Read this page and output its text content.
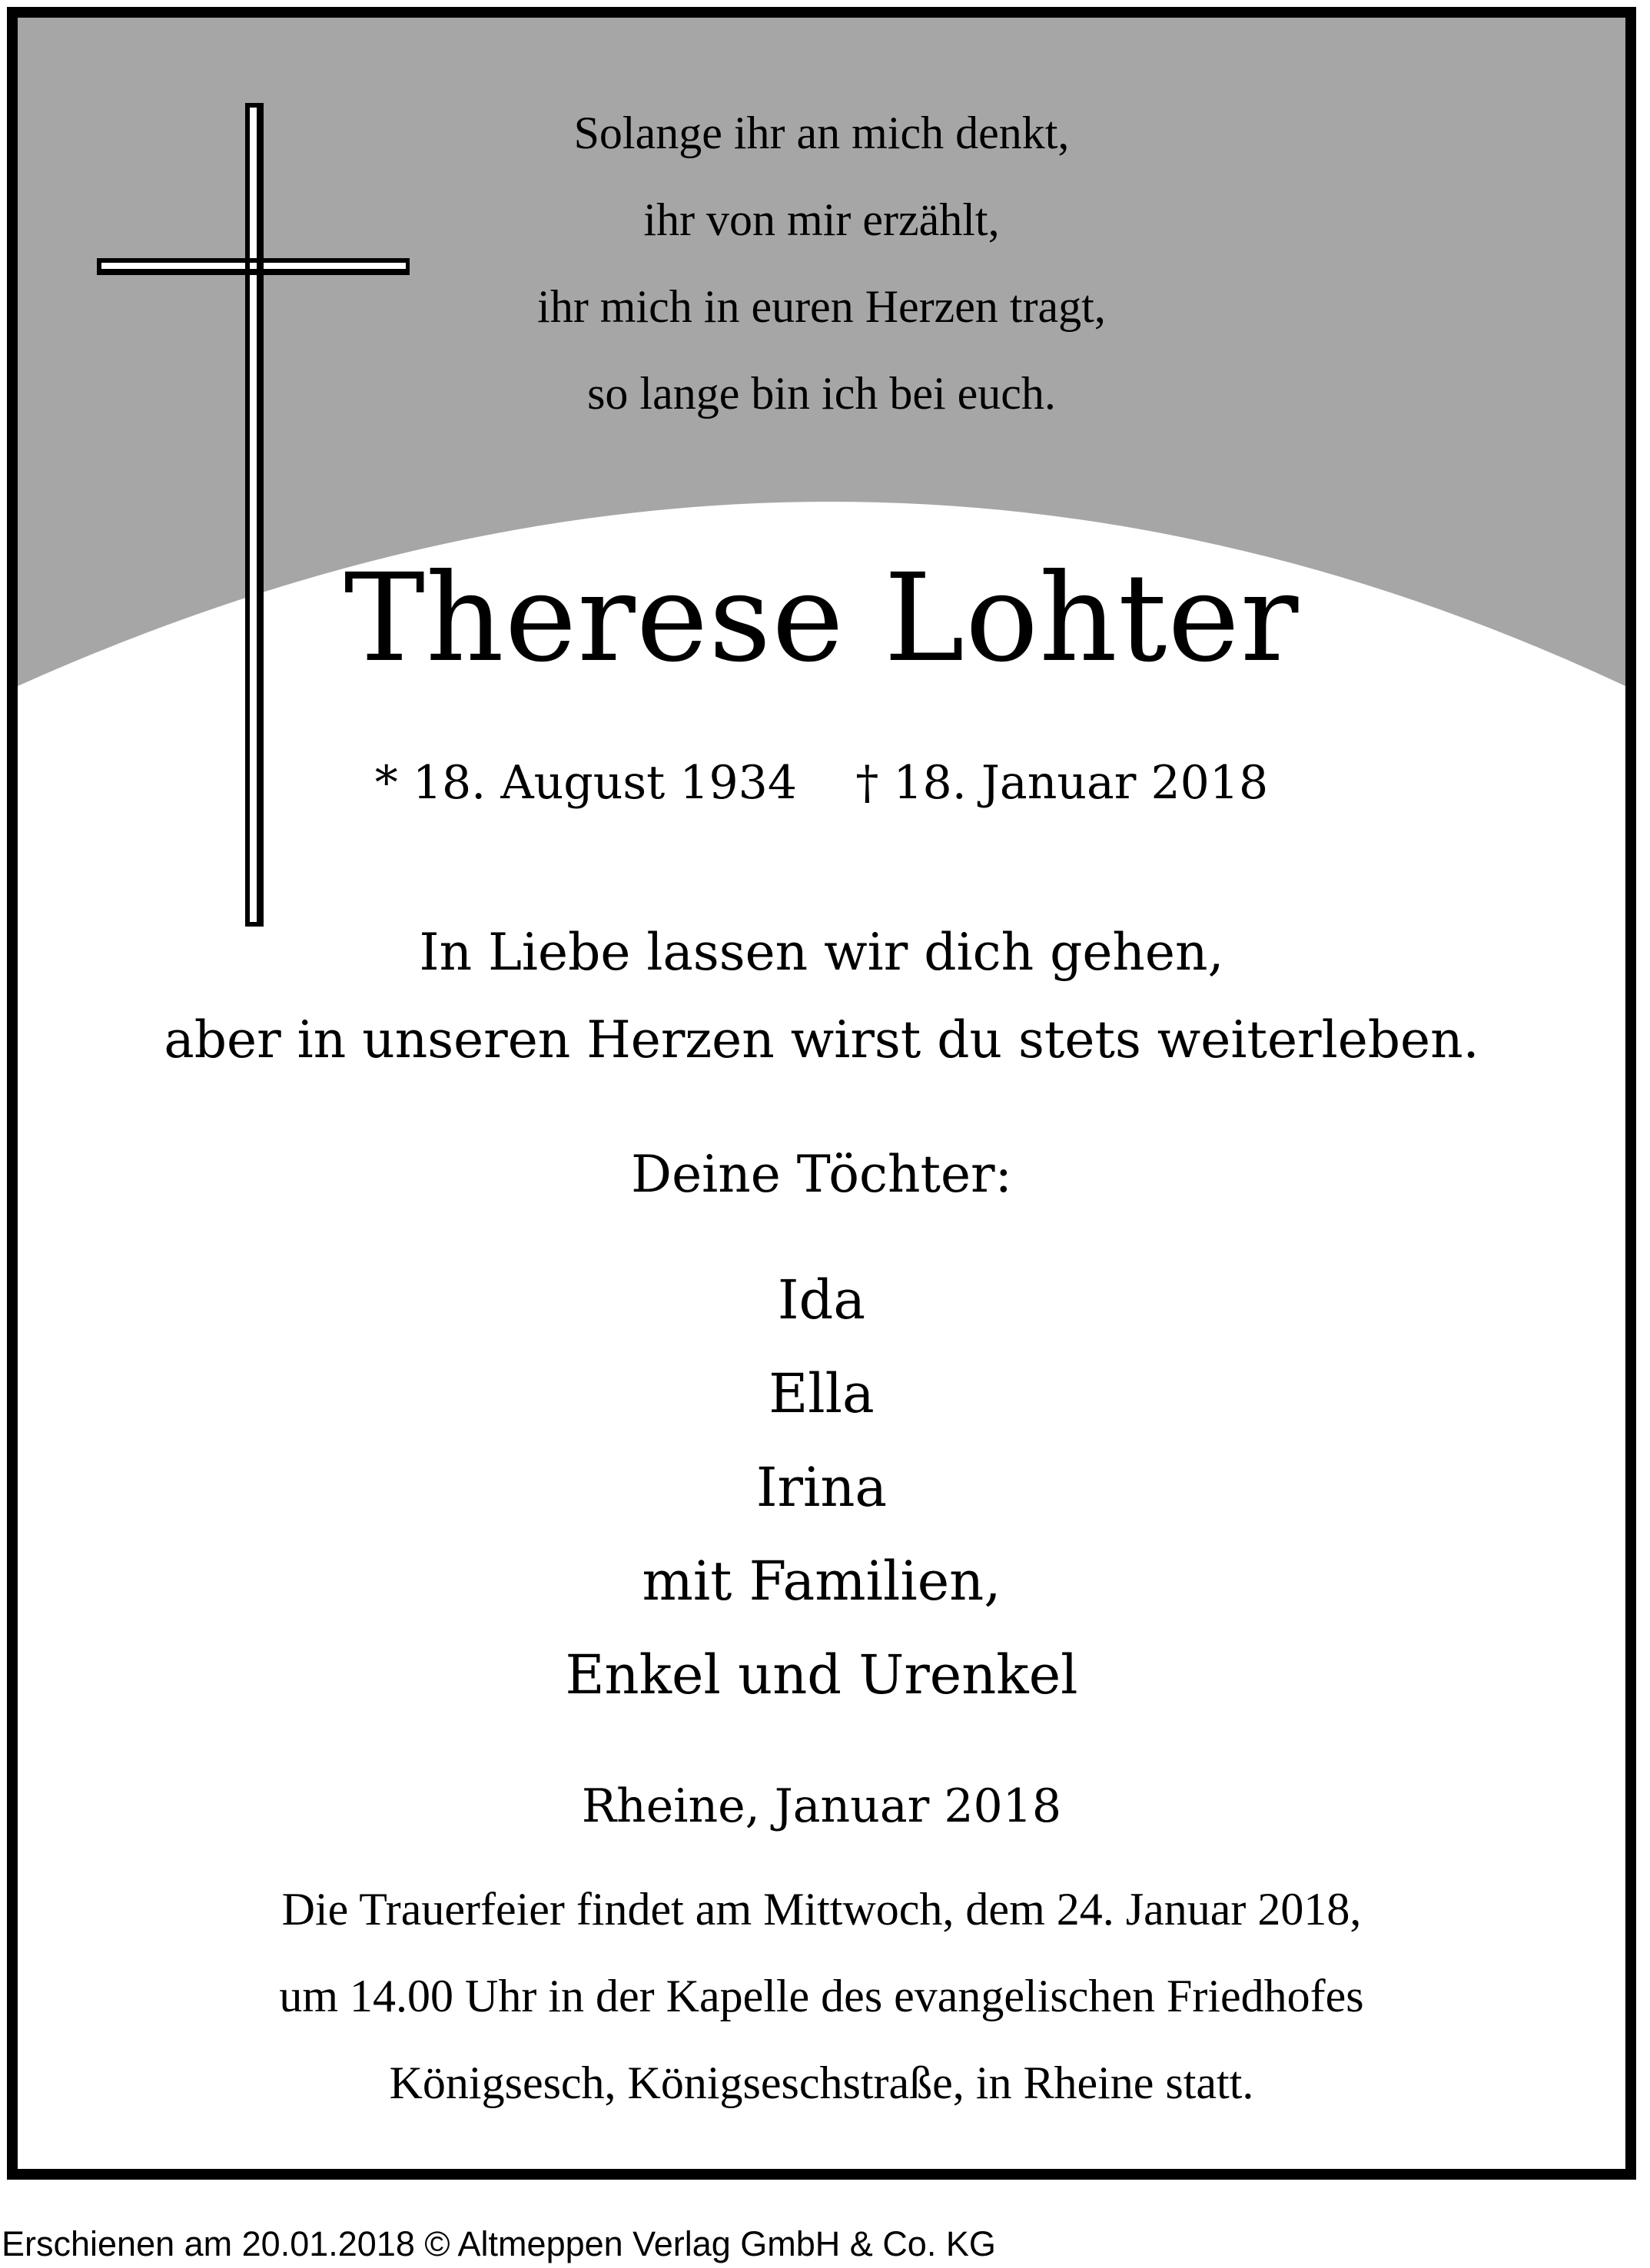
Solange ihr an mich denkt,
ihr von mir erzählt,
ihr mich in euren Herzen tragt,
so lange bin ich bei euch.
Therese Lohter
* 18. August 1934    † 18. Januar 2018
In Liebe lassen wir dich gehen,
aber in unseren Herzen wirst du stets weiterleben.
Deine Töchter:
Ida
Ella
Irina
mit Familien,
Enkel und Urenkel
Rheine, Januar 2018
Die Trauerfeier findet am Mittwoch, dem 24. Januar 2018,
um 14.00 Uhr in der Kapelle des evangelischen Friedhofes
Königsesch, Königseschstraße, in Rheine statt.
Erschienen am 20.01.2018 © Altmeppen Verlag GmbH & Co. KG
